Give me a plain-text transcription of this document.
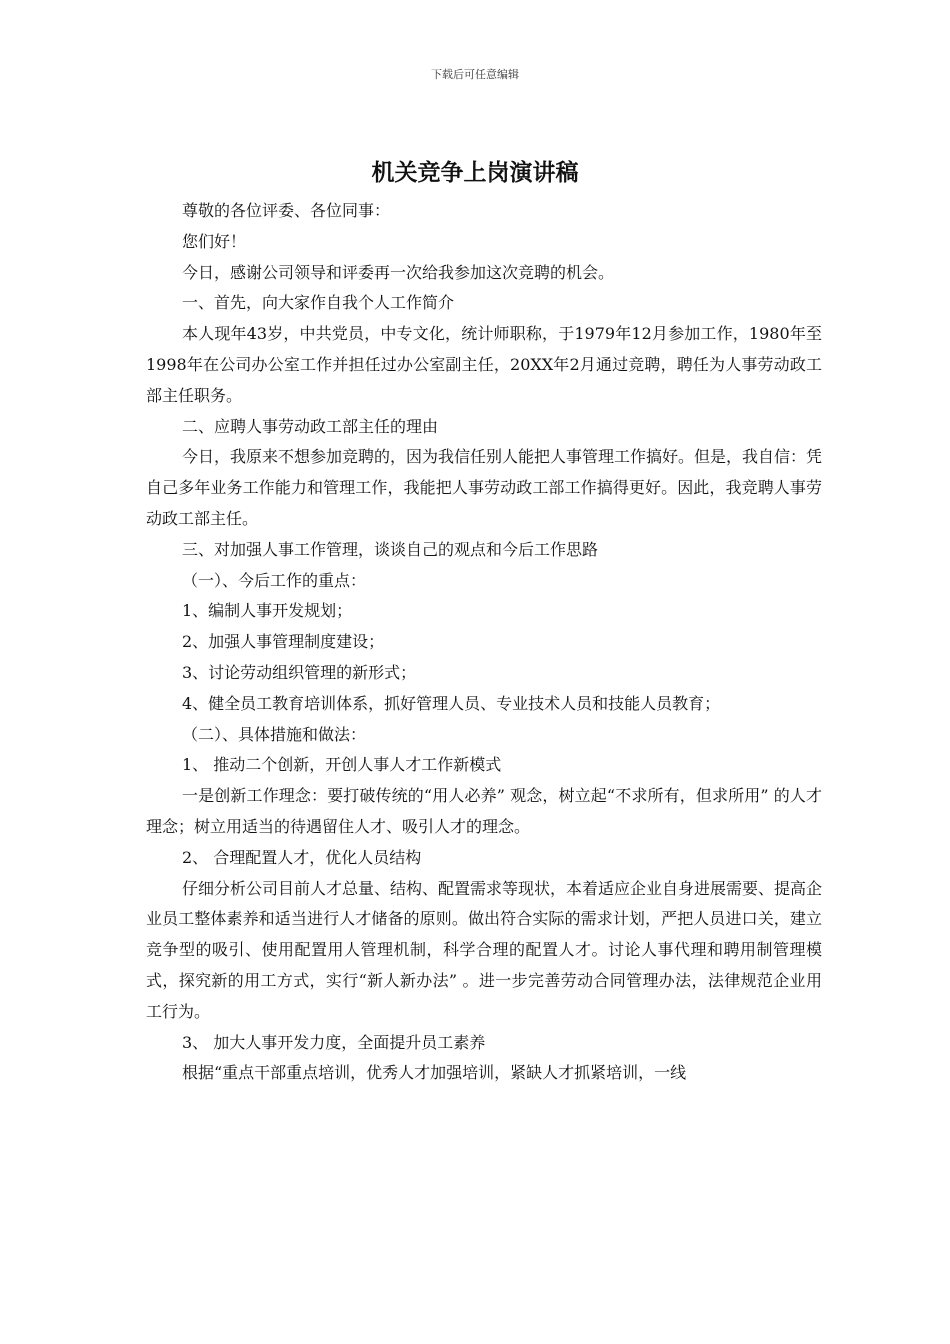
下载后可任意编辑
机关竞争上岗演讲稿

尊敬的各位评委、各位同事：

您们好！

今日，感谢公司领导和评委再一次给我参加这次竞聘的机会。

一、首先，向大家作自我个人工作简介

本人现年43岁，中共党员，中专文化，统计师职称，于1979年12月参加工作，1980年至1998年在公司办公室工作并担任过办公室副主任，20XX年2月通过竞聘，聘任为人事劳动政工部主任职务。

二、应聘人事劳动政工部主任的理由

今日，我原来不想参加竞聘的，因为我信任别人能把人事管理工作搞好。但是，我自信：凭自己多年业务工作能力和管理工作，我能把人事劳动政工部工作搞得更好。因此，我竞聘人事劳动政工部主任。

三、对加强人事工作管理，谈谈自己的观点和今后工作思路

（一）、今后工作的重点：

1、编制人事开发规划；

2、加强人事管理制度建设；

3、讨论劳动组织管理的新形式；

4、健全员工教育培训体系，抓好管理人员、专业技术人员和技能人员教育；

（二）、具体措施和做法：

1、 推动二个创新，开创人事人才工作新模式

一是创新工作理念：要打破传统的“用人必养” 观念，树立起“不求所有，但求所用” 的人才理念；树立用适当的待遇留住人才、吸引人才的理念。

2、 合理配置人才，优化人员结构

仔细分析公司目前人才总量、结构、配置需求等现状，本着适应企业自身进展需要、提高企业员工整体素养和适当进行人才储备的原则。做出符合实际的需求计划，严把人员进口关，建立竞争型的吸引、使用配置用人管理机制，科学合理的配置人才。讨论人事代理和聘用制管理模式，探究新的用工方式，实行“新人新办法” 。进一步完善劳动合同管理办法，法律规范企业用工行为。

3、 加大人事开发力度，全面提升员工素养

根据“重点干部重点培训，优秀人才加强培训，紧缺人才抓紧培训，一线
